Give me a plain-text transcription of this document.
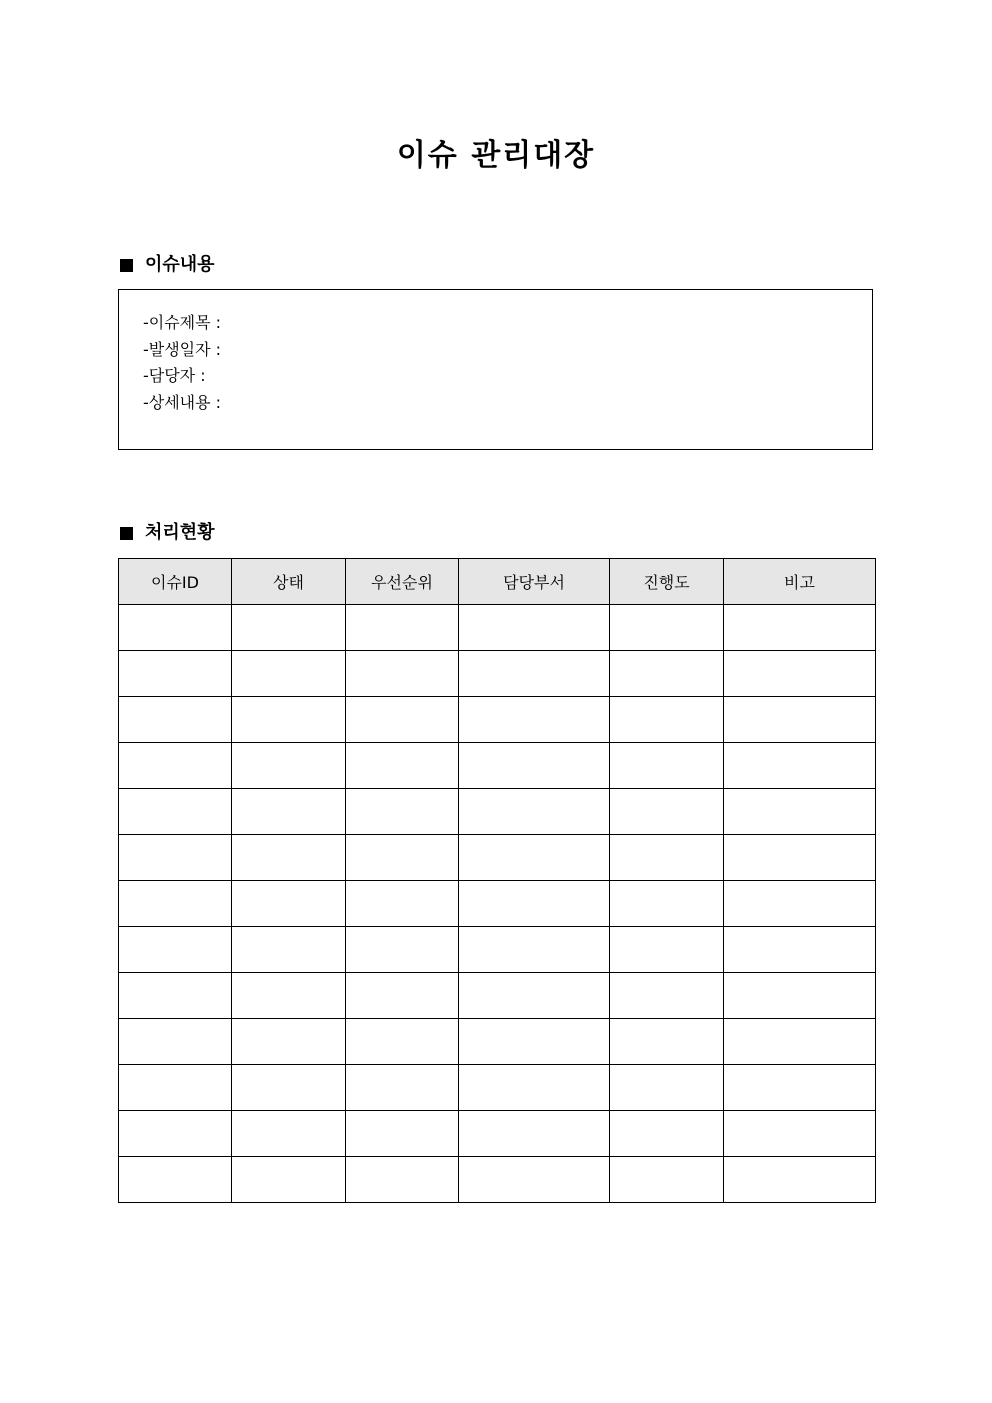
이슈 관리대장
이슈내용
-이슈제목 :
-발생일자 :
-담당자 :
-상세내용 :
처리현황
이슈ID	상태	우선순위	담당부서	진행도	비고
